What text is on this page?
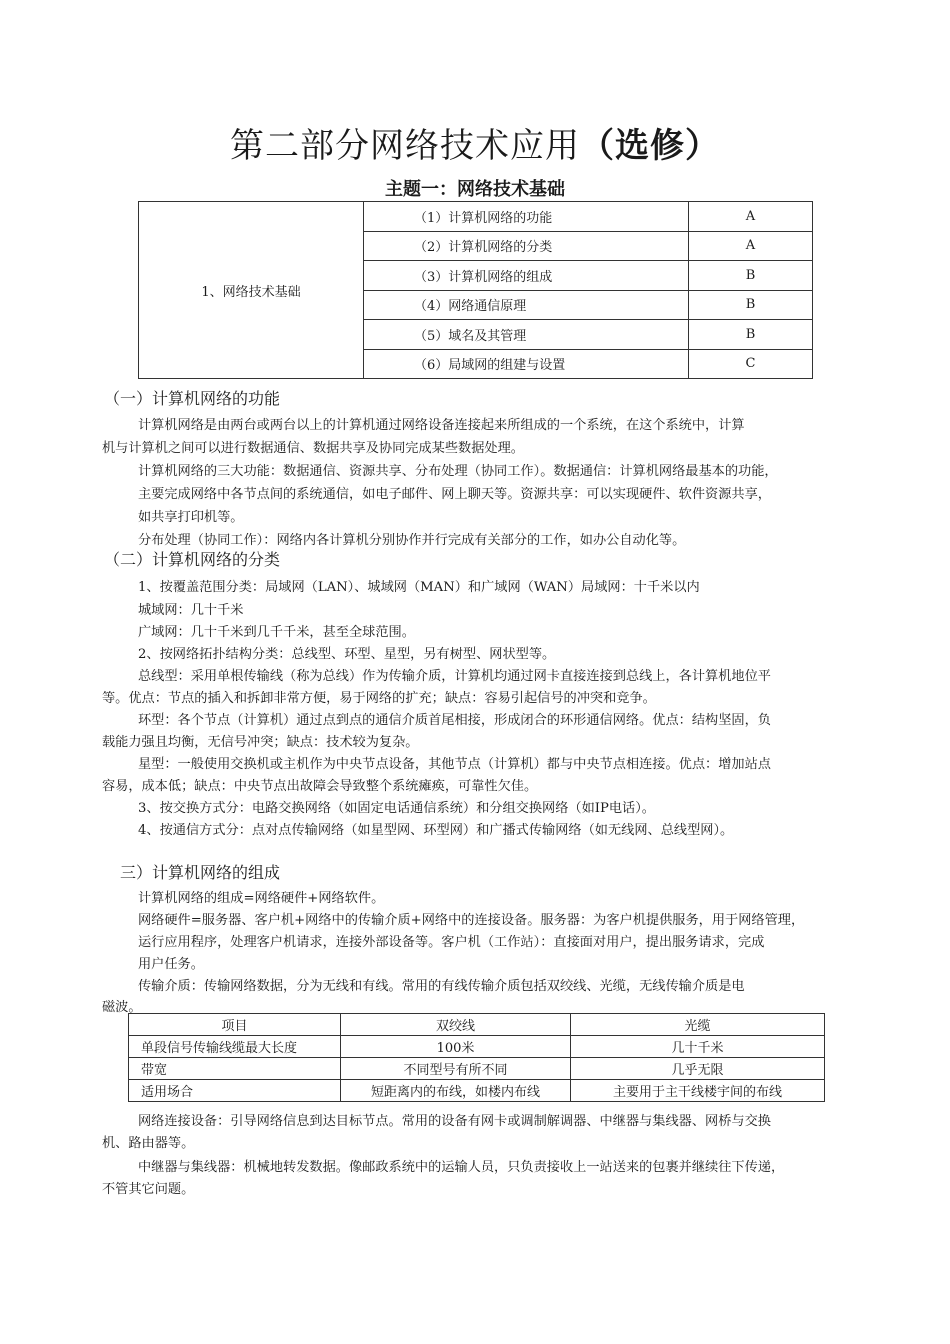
第二部分网络技术应用（选修）
主题一：网络技术基础
1、网络技术基础	（1）计算机网络的功能	A
	（2）计算机网络的分类	A
	（3）计算机网络的组成	B
	（4）网络通信原理	B
	（5）域名及其管理	B
	（6）局域网的组建与设置	C
（一）计算机网络的功能
计算机网络是由两台或两台以上的计算机通过网络设备连接起来所组成的一个系统，在这个系统中，计算
机与计算机之间可以进行数据通信、数据共享及协同完成某些数据处理。
计算机网络的三大功能：数据通信、资源共享、分布处理（协同工作）。数据通信：计算机网络最基本的功能，
主要完成网络中各节点间的系统通信，如电子邮件、网上聊天等。资源共享：可以实现硬件、软件资源共享，
如共享打印机等。
分布处理（协同工作）：网络内各计算机分别协作并行完成有关部分的工作，如办公自动化等。
（二）计算机网络的分类
1、按覆盖范围分类：局域网（LAN）、城域网（MAN）和广域网（WAN）局域网：十千米以内
城域网：几十千米
广域网：几十千米到几千千米，甚至全球范围。
2、按网络拓扑结构分类：总线型、环型、星型，另有树型、网状型等。
总线型：采用单根传输线（称为总线）作为传输介质，计算机均通过网卡直接连接到总线上，各计算机地位平
等。优点：节点的插入和拆卸非常方便，易于网络的扩充；缺点：容易引起信号的冲突和竞争。
环型：各个节点（计算机）通过点到点的通信介质首尾相接，形成闭合的环形通信网络。优点：结构坚固，负
载能力强且均衡，无信号冲突；缺点：技术较为复杂。
星型：一般使用交换机或主机作为中央节点设备，其他节点（计算机）都与中央节点相连接。优点：增加站点
容易，成本低；缺点：中央节点出故障会导致整个系统瘫痪，可靠性欠佳。
3、按交换方式分：电路交换网络（如固定电话通信系统）和分组交换网络（如IP电话）。
4、按通信方式分：点对点传输网络（如星型网、环型网）和广播式传输网络（如无线网、总线型网）。
三）计算机网络的组成
计算机网络的组成=网络硬件+网络软件。
网络硬件=服务器、客户机+网络中的传输介质+网络中的连接设备。服务器：为客户机提供服务，用于网络管理，
运行应用程序，处理客户机请求，连接外部设备等。客户机（工作站）：直接面对用户，提出服务请求，完成
用户任务。
传输介质：传输网络数据，分为无线和有线。常用的有线传输介质包括双绞线、光缆，无线传输介质是电
磁波。
项目	双绞线	光缆
单段信号传输线缆最大长度	100米	几十千米
带宽	不同型号有所不同	几乎无限
适用场合	短距离内的布线，如楼内布线	主要用于主干线楼宇间的布线
网络连接设备：引导网络信息到达目标节点。常用的设备有网卡或调制解调器、中继器与集线器、网桥与交换
机、路由器等。
中继器与集线器：机械地转发数据。像邮政系统中的运输人员，只负责接收上一站送来的包裹并继续往下传递，
不管其它问题。
